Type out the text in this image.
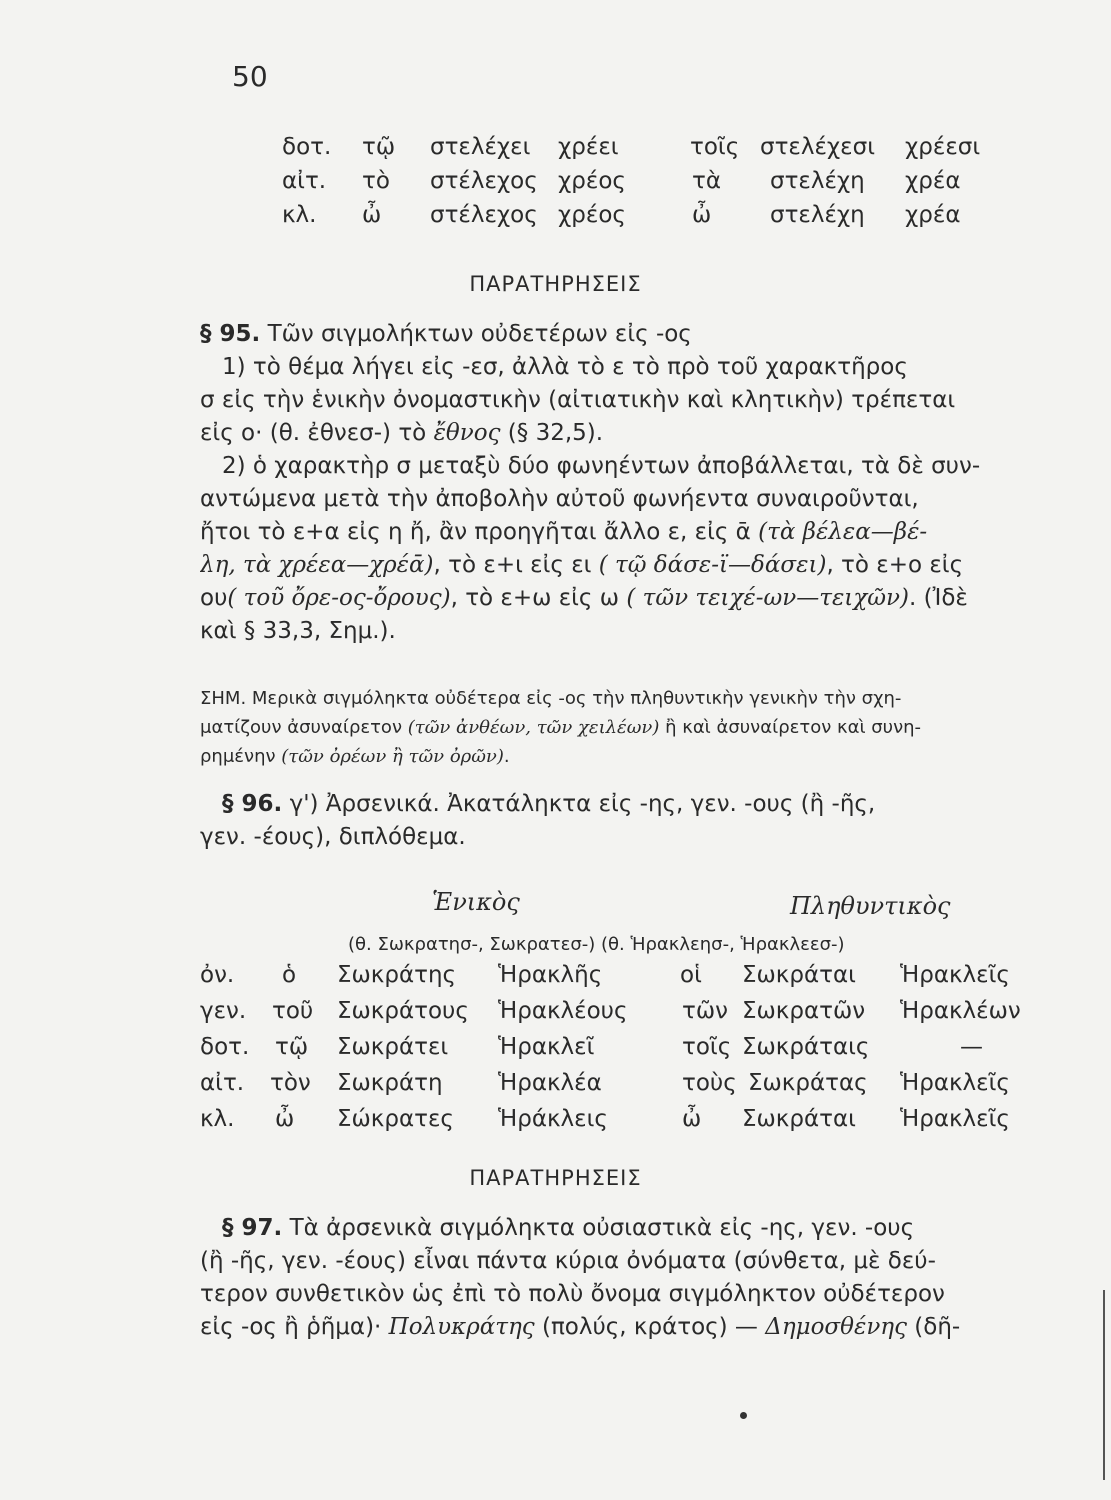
50
δοτ. τῷ στελέχει χρέει	τοῖς στελέχεσι χρέεσι
αἰτ. τὸ στέλεχος χρέος	τὰ στελέχη χρέα
κλ. ὦ στέλεχος χρέος	ὦ	στελέχη χρέα
ΠΑΡΑΤΗΡΗΣΕΙΣ
§ 95. Τῶν σιγμολήκτων οὐδετέρων εἰς -ος
1) τὸ θέμα λήγει εἰς -εσ, ἀλλὰ τὸ ε τὸ πρὸ τοῦ χαρακτῆρος
σ εἰς τὴν ἑνικὴν ὀνομαστικὴν (αἰτιατικὴν καὶ κλητικὴν) τρέπεται
εἰς ο· (θ. ἐθνεσ-) τὸ ἔθνος (§ 32,5).
2) ὁ χαρακτὴρ σ μεταξὺ δύο φωνηέντων ἀποβάλλεται, τὰ δὲ συν-
αντώμενα μετὰ τὴν ἀποβολὴν αὐτοῦ φωνήεντα συναιροῦνται,
ἤτοι τὸ ε+α εἰς η ἤ, ἂν προηγῆται ἄλλο ε, εἰς ᾱ (τὰ βέλεα—βέ-
λη, τὰ χρέεα—χρέᾱ), τὸ ε+ι εἰς ει ( τῷ δάσε-ϊ—δάσει), τὸ ε+ο εἰς
ου( τοῦ ὄρε-ος-ὄρους), τὸ ε+ω εἰς ω ( τῶν τειχέ-ων—τειχῶν). (Ἰδὲ
καὶ § 33,3, Σημ.).
ΣΗΜ. Μερικὰ σιγμόληκτα οὐδέτερα εἰς -ος τὴν πληθυντικὴν γενικὴν τὴν σχη-
ματίζουν ἀσυναίρετον (τῶν ἀνθέων, τῶν χειλέων) ἢ καὶ ἀσυναίρετον καὶ συνη-
ρημένην (τῶν ὀρέων ἢ τῶν ὀρῶν).
§ 96. γ') Ἀρσενικά. Ἀκατάληκτα εἰς -ης, γεν. -ους (ἢ -ῆς,
γεν. -έους), διπλόθεμα.
Ἑνικὸς	Πληθυντικὸς
(θ. Σωκρατησ-, Σωκρατεσ-) (θ. Ἡρακλεησ-, Ἡρακλεεσ-)
ὀν. ὁ Σωκράτης Ἡρακλῆς	οἱ Σωκράται Ἡρακλεῖς
γεν. τοῦ Σωκράτους Ἡρακλέους τῶν Σωκρατῶν Ἡρακλέων
δοτ. τῷ Σωκράτει Ἡρακλεῖ	τοῖς Σωκράταις	—
αἰτ. τὸν Σωκράτη Ἡρακλέα	τοὺς Σωκράτας Ἡρακλεῖς
κλ. ὦ Σώκρατες Ἡράκλεις	ὦ Σωκράται Ἡρακλεῖς
ΠΑΡΑΤΗΡΗΣΕΙΣ
§ 97. Τὰ ἀρσενικὰ σιγμόληκτα οὐσιαστικὰ εἰς -ης, γεν. -ους
(ἢ -ῆς, γεν. -έους) εἶναι πάντα κύρια ὀνόματα (σύνθετα, μὲ δεύ-
τερον συνθετικὸν ὡς ἐπὶ τὸ πολὺ ὄνομα σιγμόληκτον οὐδέτερον
εἰς -ος ἢ ῥῆμα)· Πολυκράτης (πολύς, κράτος) — Δημοσθένης (δῆ-
